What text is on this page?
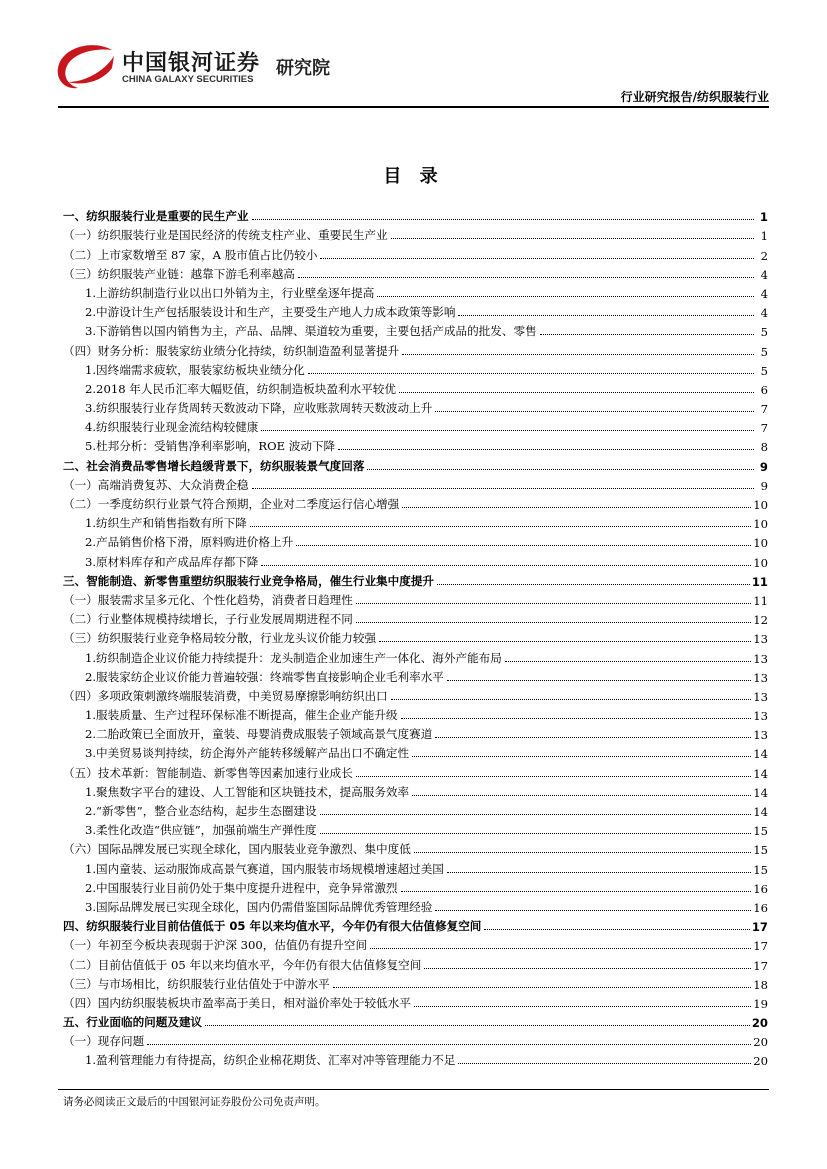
中国银河证券
CHINA GALAXY SECURITIES
研究院
行业研究报告/纺织服装行业
目 录
一、纺织服装行业是重要的民生产业	1
（一）纺织服装行业是国民经济的传统支柱产业、重要民生产业	1
（二）上市家数增至 87 家，A 股市值占比仍较小	2
（三）纺织服装产业链：越靠下游毛利率越高	4
1.上游纺织制造行业以出口外销为主，行业壁垒逐年提高	4
2.中游设计生产包括服装设计和生产，主要受生产地人力成本政策等影响	4
3.下游销售以国内销售为主，产品、品牌、渠道较为重要，主要包括产成品的批发、零售	5
（四）财务分析：服装家纺业绩分化持续，纺织制造盈利显著提升	5
1.因终端需求疲软，服装家纺板块业绩分化	5
2.2018 年人民币汇率大幅贬值，纺织制造板块盈利水平较优	6
3.纺织服装行业存货周转天数波动下降，应收账款周转天数波动上升	7
4.纺织服装行业现金流结构较健康	7
5.杜邦分析：受销售净利率影响，ROE 波动下降	8
二、社会消费品零售增长趋缓背景下，纺织服装景气度回落	9
（一）高端消费复苏、大众消费企稳	9
（二）一季度纺织行业景气符合预期，企业对二季度运行信心增强	10
1.纺织生产和销售指数有所下降	10
2.产品销售价格下滑，原料购进价格上升	10
3.原材料库存和产成品库存都下降	10
三、智能制造、新零售重塑纺织服装行业竞争格局，催生行业集中度提升	11
（一）服装需求呈多元化、个性化趋势，消费者日趋理性	11
（二）行业整体规模持续增长，子行业发展周期进程不同	12
（三）纺织服装行业竞争格局较分散，行业龙头议价能力较强	13
1.纺织制造企业议价能力持续提升：龙头制造企业加速生产一体化、海外产能布局	13
2.服装家纺企业议价能力普遍较强：终端零售直接影响企业毛利率水平	13
（四）多项政策刺激终端服装消费，中美贸易摩擦影响纺织出口	13
1.服装质量、生产过程环保标准不断提高，催生企业产能升级	13
2.二胎政策已全面放开，童装、母婴消费成服装子领域高景气度赛道	13
3.中美贸易谈判持续，纺企海外产能转移缓解产品出口不确定性	14
（五）技术革新：智能制造、新零售等因素加速行业成长	14
1.聚焦数字平台的建设、人工智能和区块链技术，提高服务效率	14
2.“新零售”，整合业态结构，起步生态圈建设	14
3.柔性化改造“供应链”，加强前端生产弹性度	15
（六）国际品牌发展已实现全球化，国内服装业竞争激烈、集中度低	15
1.国内童装、运动服饰成高景气赛道，国内服装市场规模增速超过美国	15
2.中国服装行业目前仍处于集中度提升进程中，竞争异常激烈	16
3.国际品牌发展已实现全球化，国内仍需借鉴国际品牌优秀管理经验	16
四、纺织服装行业目前估值低于 05 年以来均值水平，今年仍有很大估值修复空间	17
（一）年初至今板块表现弱于沪深 300，估值仍有提升空间	17
（二）目前估值低于 05 年以来均值水平，今年仍有很大估值修复空间	17
（三）与市场相比，纺织服装行业估值处于中游水平	18
（四）国内纺织服装板块市盈率高于美日，相对溢价率处于较低水平	19
五、行业面临的问题及建议	20
（一）现存问题	20
1.盈利管理能力有待提高，纺织企业棉花期货、汇率对冲等管理能力不足	20
请务必阅读正文最后的中国银河证券股份公司免责声明。
